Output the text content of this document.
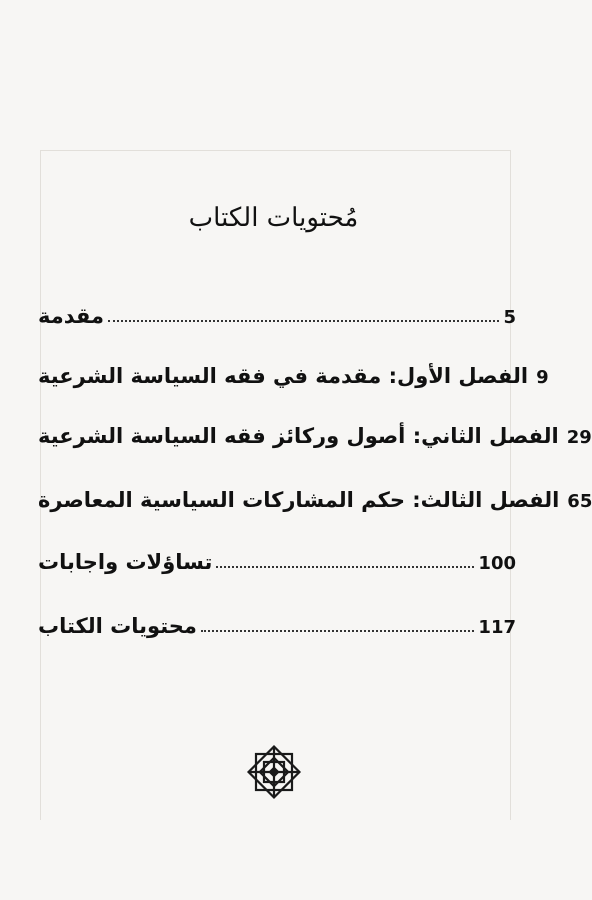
مُحتويات الكتاب
مقدمة	5
الفصل الأول: مقدمة في فقه السياسة الشرعية 9
الفصل الثاني: أصول وركائز فقه السياسة الشرعية 29
الفصل الثالث: حكم المشاركات السياسية المعاصرة 65
تساؤلات واجابات	100
محتويات الكتاب	117
